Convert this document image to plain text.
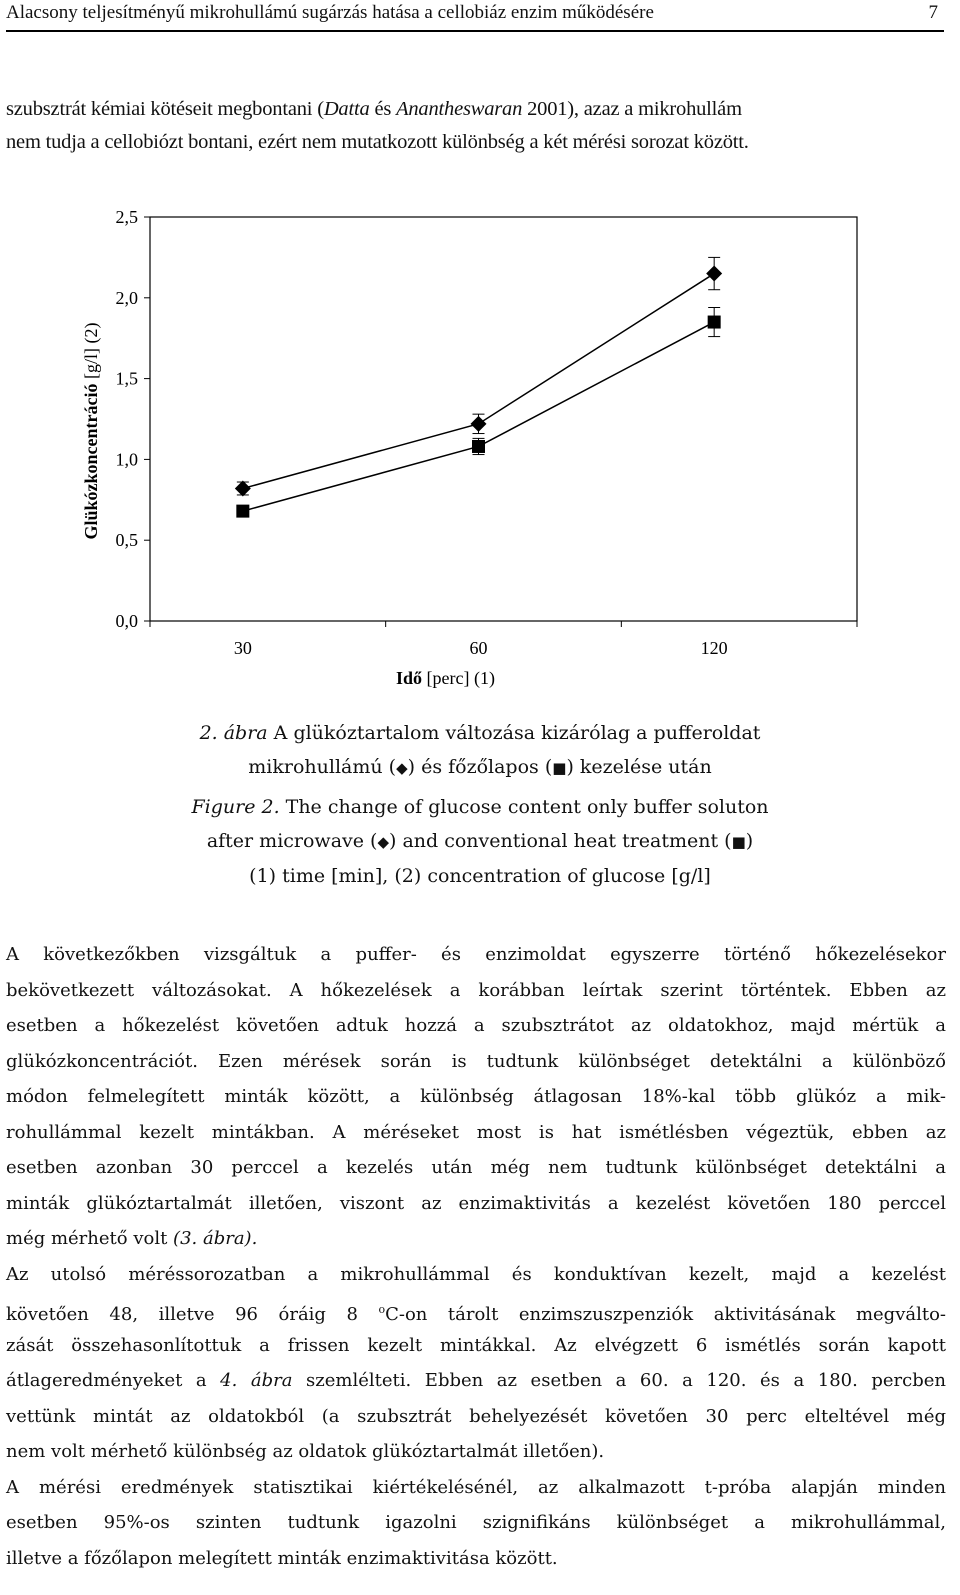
Alacsony teljesítményű mikrohullámú sugárzás hatása a cellobiáz enzim működésére	7
szubsztrát kémiai kötéseit megbontani (Datta és Anantheswaran 2001), azaz a mikrohullám
nem tudja a cellobiózt bontani, ezért nem mutatkozott különbség a két mérési sorozat között.
0,0
0,5
1,0
1,5
2,0
2,5
30	60	120
Idő [perc] (1)
Glükózkoncentráció [g/l] (2)
2. ábra A glükóztartalom változása kizárólag a pufferoldat
mikrohullámú (◆) és főzőlapos (■) kezelése után
Figure 2. The change of glucose content only buffer soluton
after microwave (◆) and conventional heat treatment (■)
(1) time [min], (2) concentration of glucose [g/l]
A következőkben vizsgáltuk a puffer- és enzimoldat egyszerre történő hőkezelésekor
bekövetkezett változásokat. A hőkezelések a korábban leírtak szerint történtek. Ebben az
esetben a hőkezelést követően adtuk hozzá a szubsztrátot az oldatokhoz, majd mértük a
glükózkoncentrációt. Ezen mérések során is tudtunk különbséget detektálni a különböző
módon felmelegített minták között, a különbség átlagosan 18%-kal több glükóz a mik-
rohullámmal kezelt mintákban. A méréseket most is hat ismétlésben végeztük, ebben az
esetben azonban 30 perccel a kezelés után még nem tudtunk különbséget detektálni a
minták glükóztartalmát illetően, viszont az enzimaktivitás a kezelést követően 180 perccel
még mérhető volt (3. ábra).
Az utolsó méréssorozatban a mikrohullámmal és konduktívan kezelt, majd a kezelést
követően 48, illetve 96 óráig 8 $^o$C-on tárolt enzimszuszpenziók aktivitásának megválto-
zását összehasonlítottuk a frissen kezelt mintákkal. Az elvégzett 6 ismétlés során kapott
átlageredményeket a 4. ábra szemlélteti. Ebben az esetben a 60. a 120. és a 180. percben
vettünk mintát az oldatokból (a szubsztrát behelyezését követően 30 perc elteltével még
nem volt mérhető különbség az oldatok glükóztartalmát illetően).
A mérési eredmények statisztikai kiértékelésénél, az alkalmazott t-próba alapján minden
esetben 95%-os szinten tudtunk igazolni szignifikáns különbséget a mikrohullámmal,
illetve a főzőlapon melegített minták enzimaktivitása között.
